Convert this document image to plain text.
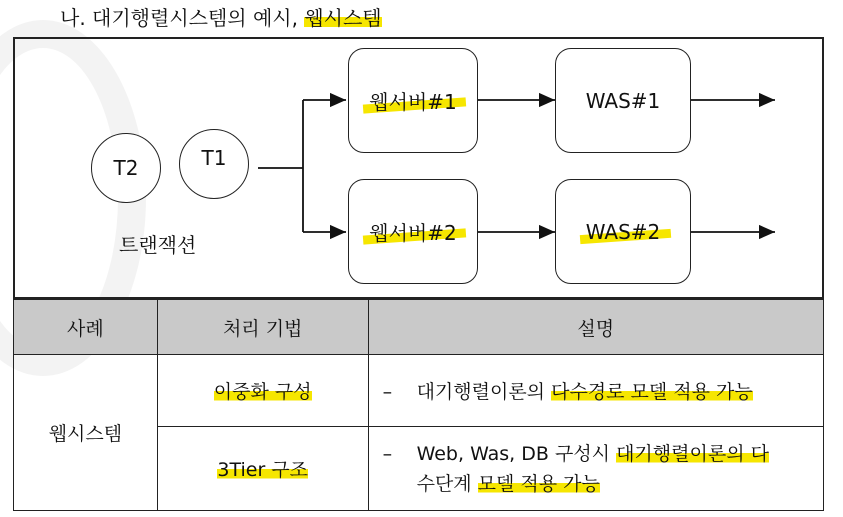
나. 대기행렬시스템의 예시, 웹시스템
T2	T1
트랜잭션
웹서버#1
웹서버#2
WAS#1
WAS#2
사례	처리 기법	설명
웹시스템	이중화 구성	– 대기행렬이론의 다수경로 모델 적용 가능
	3Tier 구조	– Web, Was, DB 구성시 대기행렬이론의 다
수단계 모델 적용 가능
